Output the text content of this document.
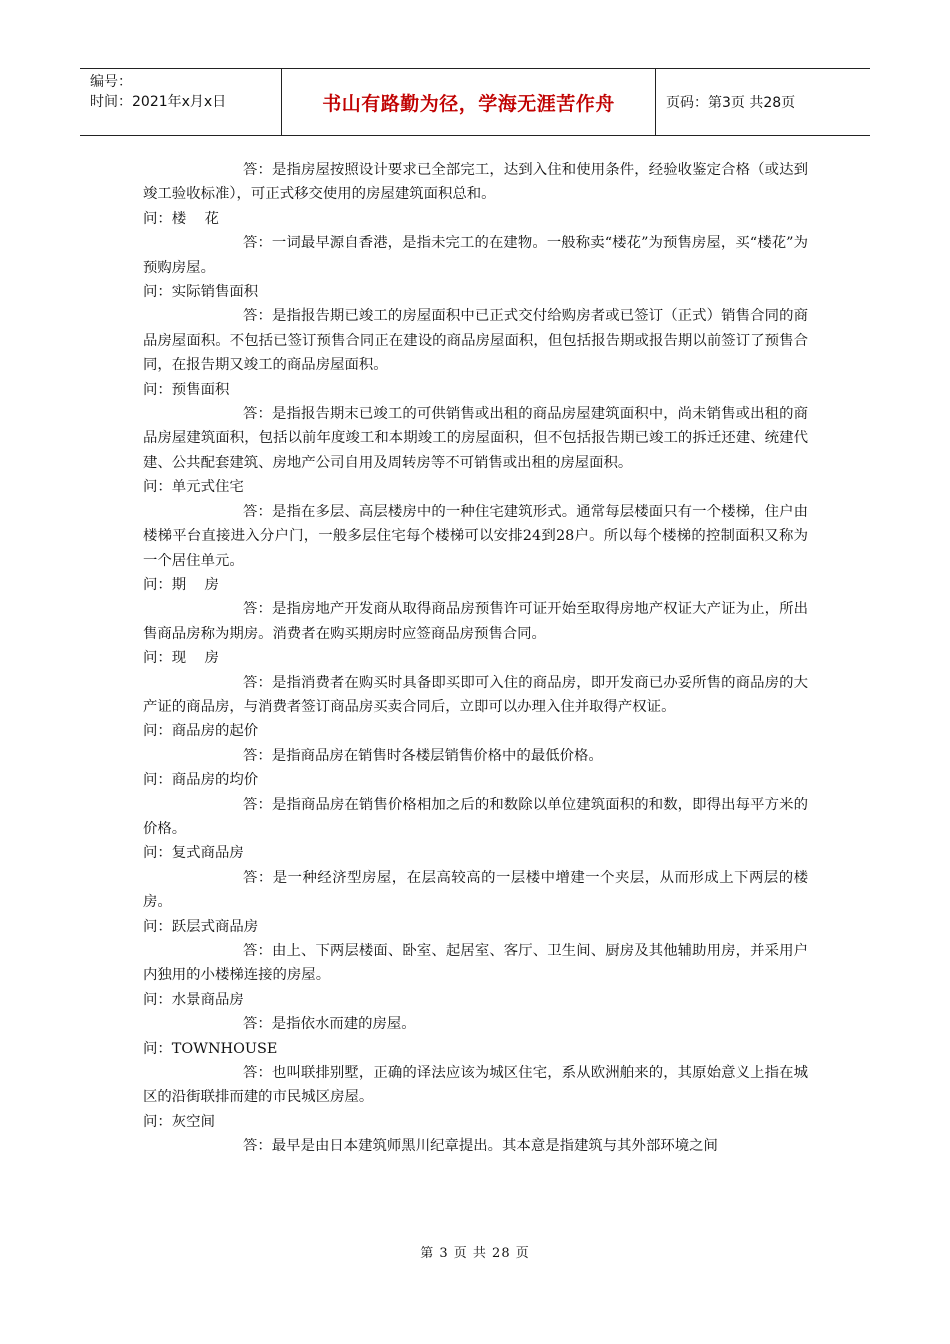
编号：
时间：2021年x月x日	书山有路勤为径，学海无涯苦作舟	页码：第3页 共28页

答：是指房屋按照设计要求已全部完工，达到入住和使用条件，经验收鉴定合格（或达到竣工验收标准），可正式移交使用的房屋建筑面积总和。

问：楼    花

答：一词最早源自香港，是指未完工的在建物。一般称卖“楼花”为预售房屋，买“楼花”为预购房屋。

问：实际销售面积

答：是指报告期已竣工的房屋面积中已正式交付给购房者或已签订（正式）销售合同的商品房屋面积。不包括已签订预售合同正在建设的商品房屋面积，但包括报告期或报告期以前签订了预售合同，在报告期又竣工的商品房屋面积。

问：预售面积

答：是指报告期末已竣工的可供销售或出租的商品房屋建筑面积中，尚未销售或出租的商品房屋建筑面积，包括以前年度竣工和本期竣工的房屋面积，但不包括报告期已竣工的拆迁还建、统建代建、公共配套建筑、房地产公司自用及周转房等不可销售或出租的房屋面积。

问：单元式住宅

答：是指在多层、高层楼房中的一种住宅建筑形式。通常每层楼面只有一个楼梯，住户由楼梯平台直接进入分户门，一般多层住宅每个楼梯可以安排24到28户。所以每个楼梯的控制面积又称为一个居住单元。

问：期    房

答：是指房地产开发商从取得商品房预售许可证开始至取得房地产权证大产证为止，所出售商品房称为期房。消费者在购买期房时应签商品房预售合同。

问：现    房

答：是指消费者在购买时具备即买即可入住的商品房，即开发商已办妥所售的商品房的大产证的商品房，与消费者签订商品房买卖合同后，立即可以办理入住并取得产权证。

问：商品房的起价

答：是指商品房在销售时各楼层销售价格中的最低价格。

问：商品房的均价

答：是指商品房在销售价格相加之后的和数除以单位建筑面积的和数，即得出每平方米的价格。

问：复式商品房

答：是一种经济型房屋，在层高较高的一层楼中增建一个夹层，从而形成上下两层的楼房。

问：跃层式商品房

答：由上、下两层楼面、卧室、起居室、客厅、卫生间、厨房及其他辅助用房，并采用户内独用的小楼梯连接的房屋。

问：水景商品房

答：是指依水而建的房屋。

问：TOWNHOUSE

答：也叫联排别墅，正确的译法应该为城区住宅，系从欧洲舶来的，其原始意义上指在城区的沿街联排而建的市民城区房屋。

问：灰空间

答：最早是由日本建筑师黑川纪章提出。其本意是指建筑与其外部环境之间

第 3 页 共 28 页
